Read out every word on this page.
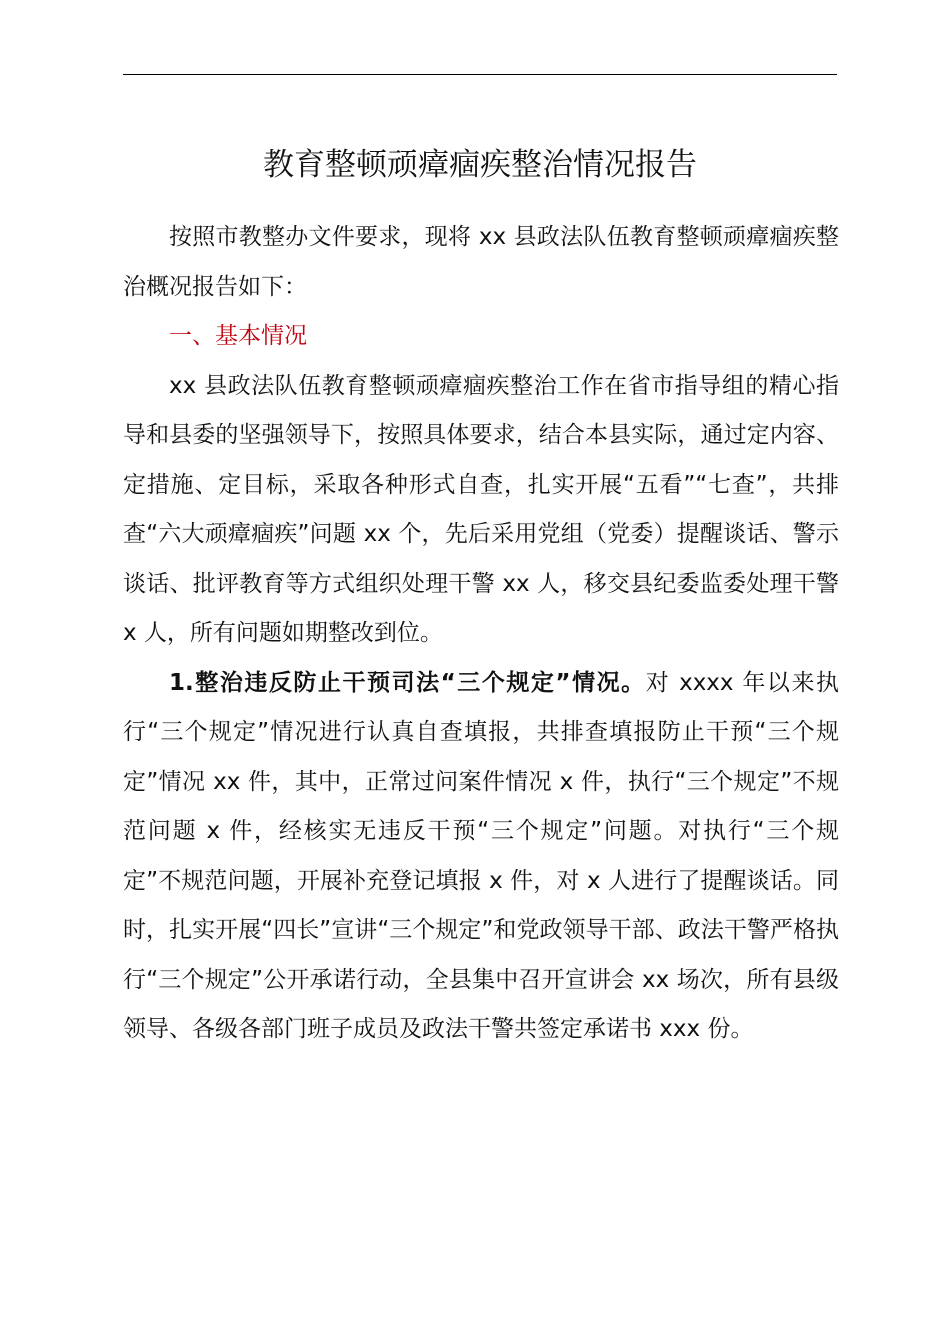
教育整顿顽瘴痼疾整治情况报告

按照市教整办文件要求，现将 xx 县政法队伍教育整顿顽瘴痼疾整治概况报告如下：

一、基本情况

xx 县政法队伍教育整顿顽瘴痼疾整治工作在省市指导组的精心指导和县委的坚强领导下，按照具体要求，结合本县实际，通过定内容、定措施、定目标，采取各种形式自查，扎实开展“五看”“七查”，共排查“六大顽瘴痼疾”问题 xx 个，先后采用党组（党委）提醒谈话、警示谈话、批评教育等方式组织处理干警 xx 人，移交县纪委监委处理干警 x 人，所有问题如期整改到位。

1.整治违反防止干预司法“三个规定”情况。对 xxxx 年以来执行“三个规定”情况进行认真自查填报，共排查填报防止干预“三个规定”情况 xx 件，其中，正常过问案件情况 x 件，执行“三个规定”不规范问题 x 件，经核实无违反干预“三个规定”问题。对执行“三个规定”不规范问题，开展补充登记填报 x 件，对 x 人进行了提醒谈话。同时，扎实开展“四长”宣讲“三个规定”和党政领导干部、政法干警严格执行“三个规定”公开承诺行动，全县集中召开宣讲会 xx 场次，所有县级领导、各级各部门班子成员及政法干警共签定承诺书 xxx 份。
